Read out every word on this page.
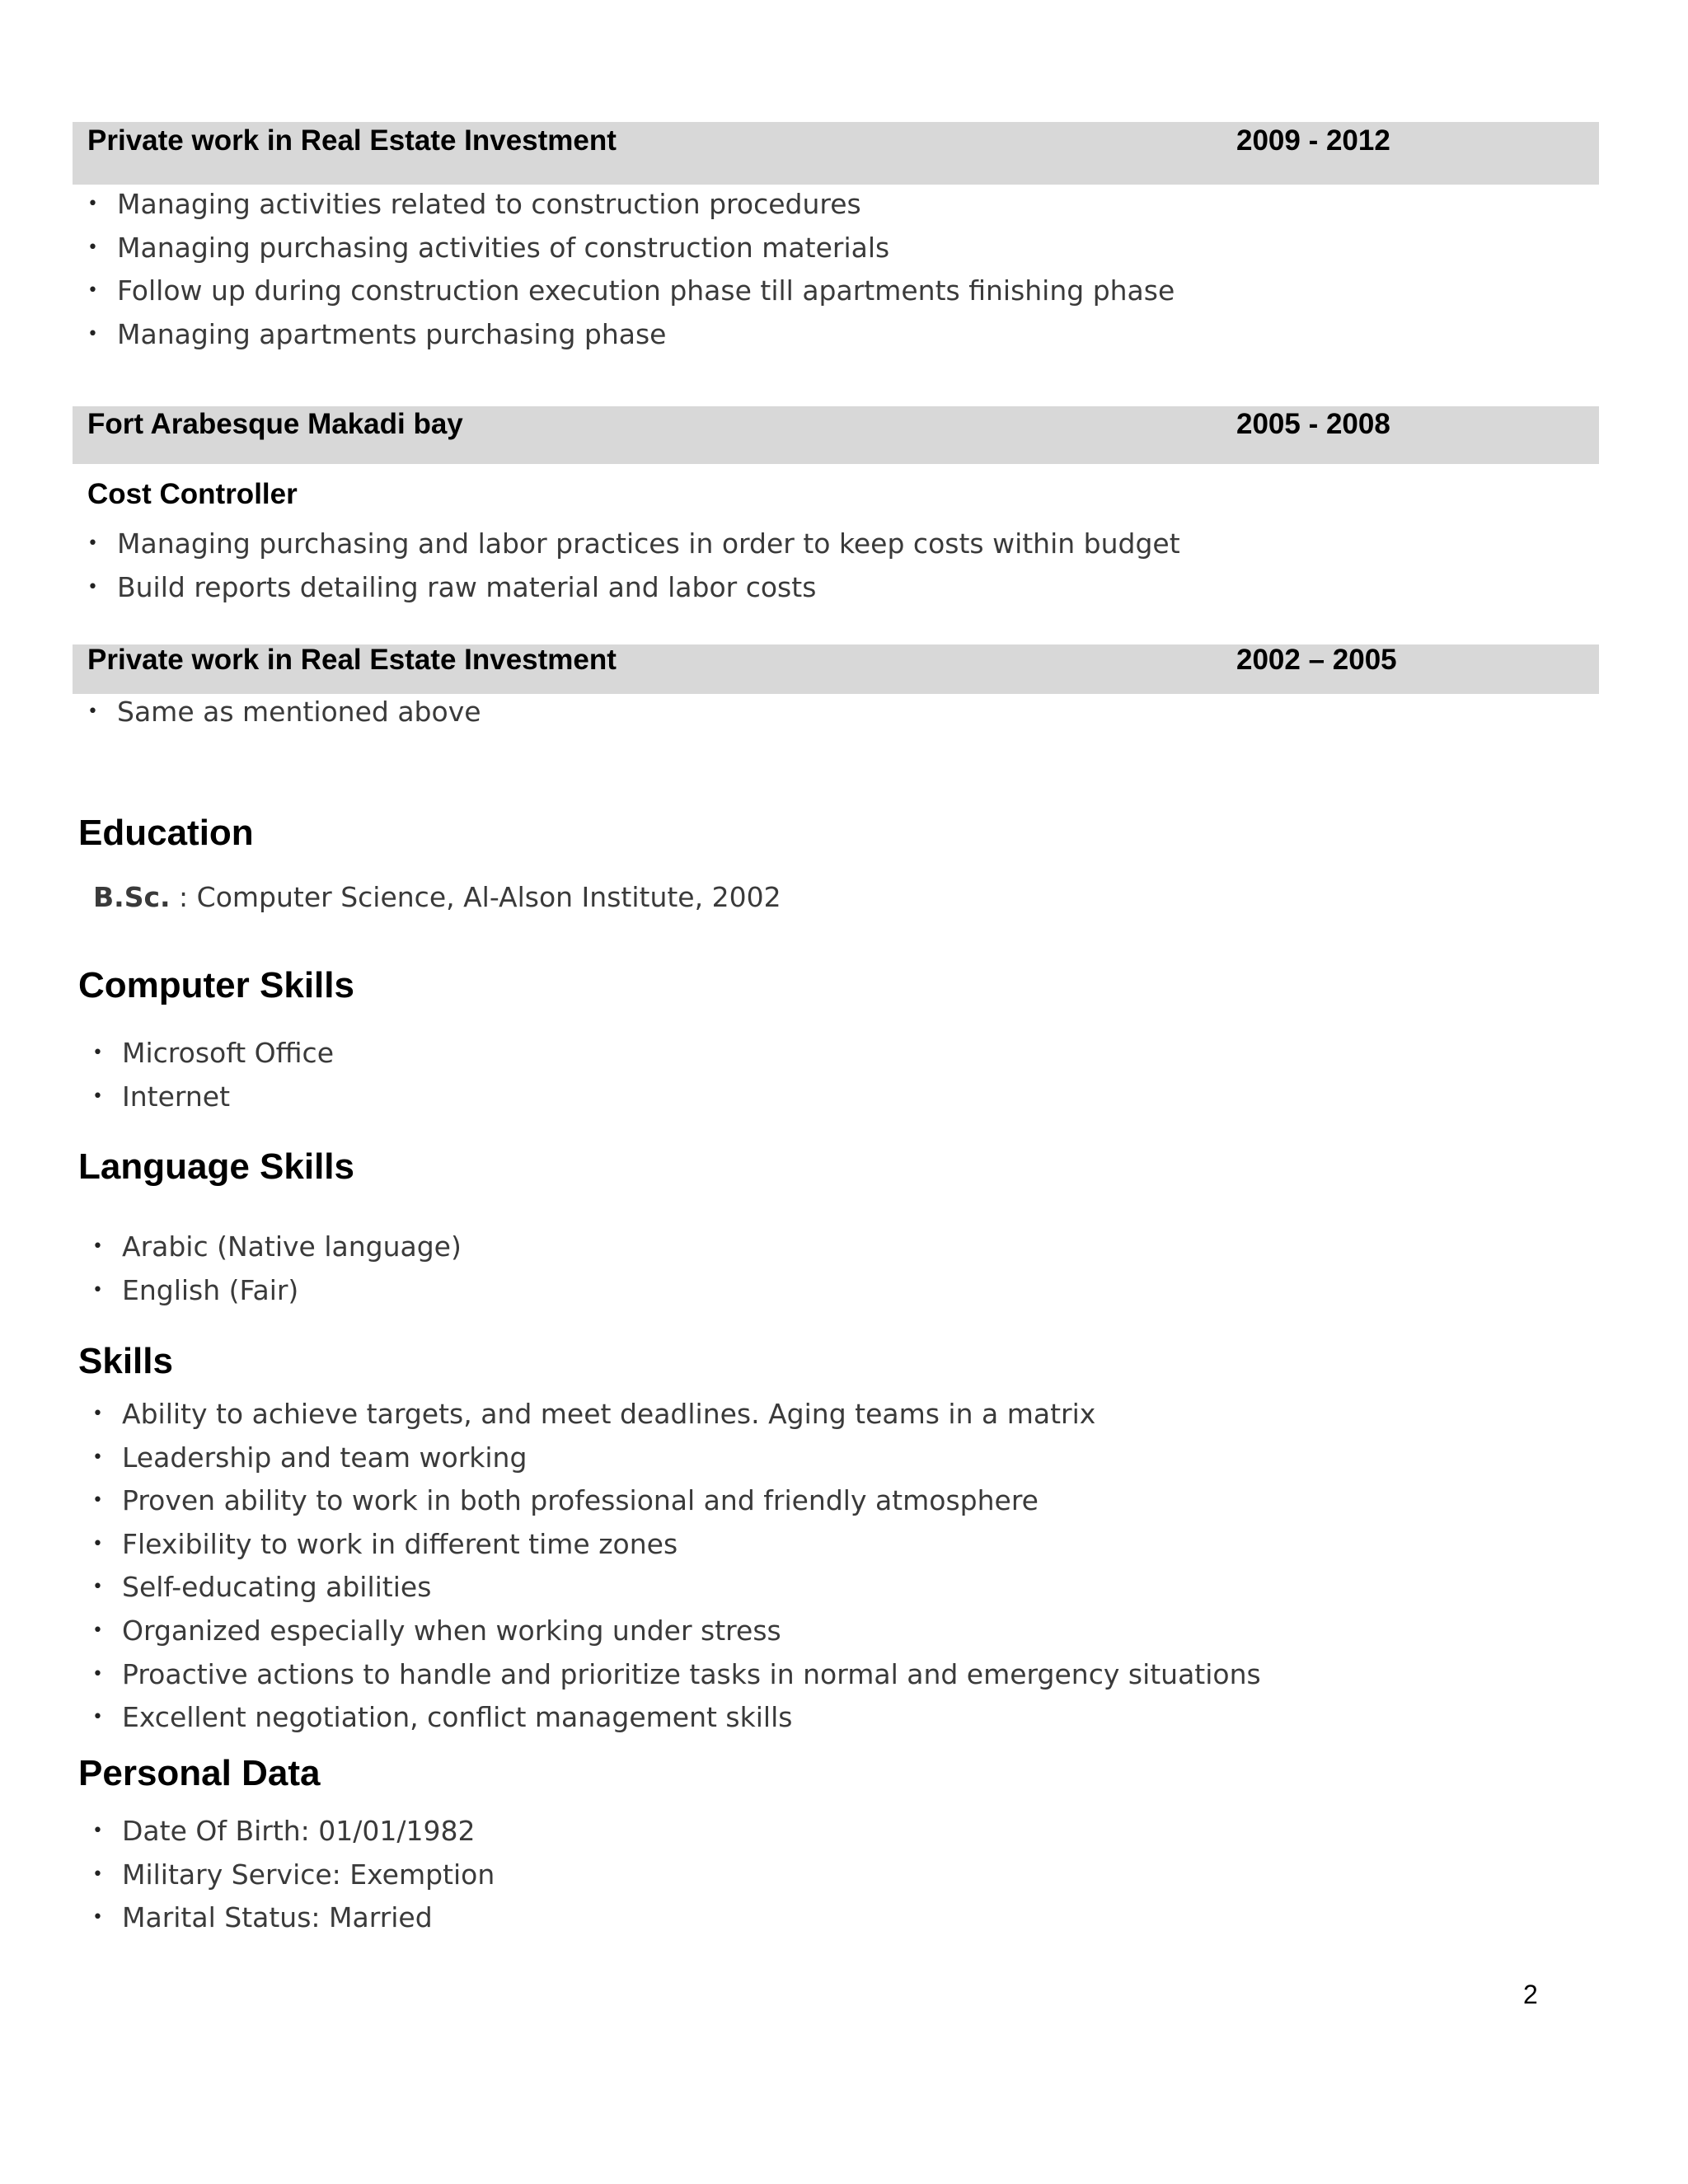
Private work in Real Estate Investment	2009 - 2012
• Managing activities related to construction procedures
• Managing purchasing activities of construction materials
• Follow up during construction execution phase till apartments finishing phase
• Managing apartments purchasing phase
Fort Arabesque Makadi bay	2005 - 2008
Cost Controller
• Managing purchasing and labor practices in order to keep costs within budget
• Build reports detailing raw material and labor costs
Private work in Real Estate Investment	2002 – 2005
• Same as mentioned above
Education
B.Sc. : Computer Science, Al-Alson Institute, 2002
Computer Skills
• Microsoft Office
• Internet
Language Skills
• Arabic (Native language)
• English (Fair)
Skills
• Ability to achieve targets, and meet deadlines. Aging teams in a matrix
• Leadership and team working
• Proven ability to work in both professional and friendly atmosphere
• Flexibility to work in different time zones
• Self-educating abilities
• Organized especially when working under stress
• Proactive actions to handle and prioritize tasks in normal and emergency situations
• Excellent negotiation, conflict management skills
Personal Data
• Date Of Birth: 01/01/1982
• Military Service: Exemption
• Marital Status: Married
2
